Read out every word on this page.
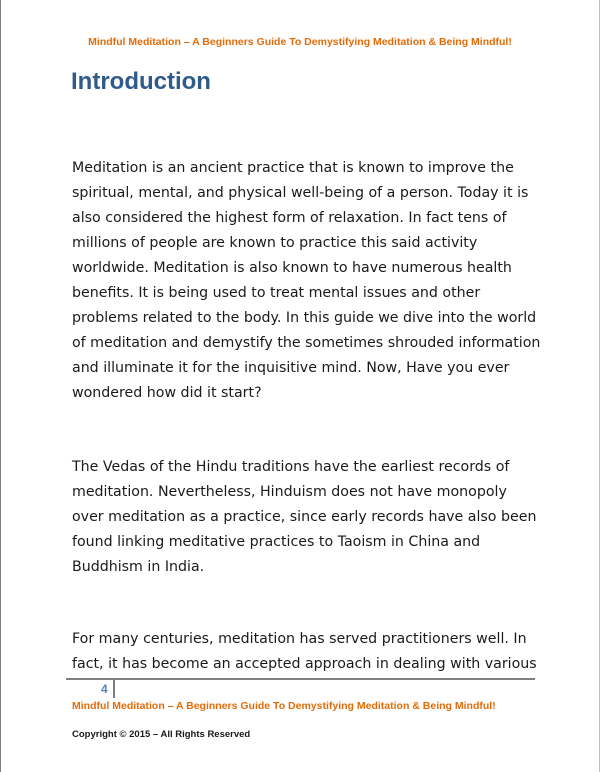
Mindful Meditation – A Beginners Guide To Demystifying Meditation & Being Mindful!
Introduction

Meditation is an ancient practice that is known to improve the spiritual, mental, and physical well-being of a person. Today it is also considered the highest form of relaxation. In fact tens of millions of people are known to practice this said activity worldwide. Meditation is also known to have numerous health benefits. It is being used to treat mental issues and other problems related to the body. In this guide we dive into the world of meditation and demystify the sometimes shrouded information and illuminate it for the inquisitive mind. Now, Have you ever wondered how did it start?

The Vedas of the Hindu traditions have the earliest records of meditation. Nevertheless, Hinduism does not have monopoly over meditation as a practice, since early records have also been found linking meditative practices to Taoism in China and Buddhism in India.

For many centuries, meditation has served practitioners well. In fact, it has become an accepted approach in dealing with various

4
Mindful Meditation – A Beginners Guide To Demystifying Meditation & Being Mindful!
Copyright © 2015 – All Rights Reserved
